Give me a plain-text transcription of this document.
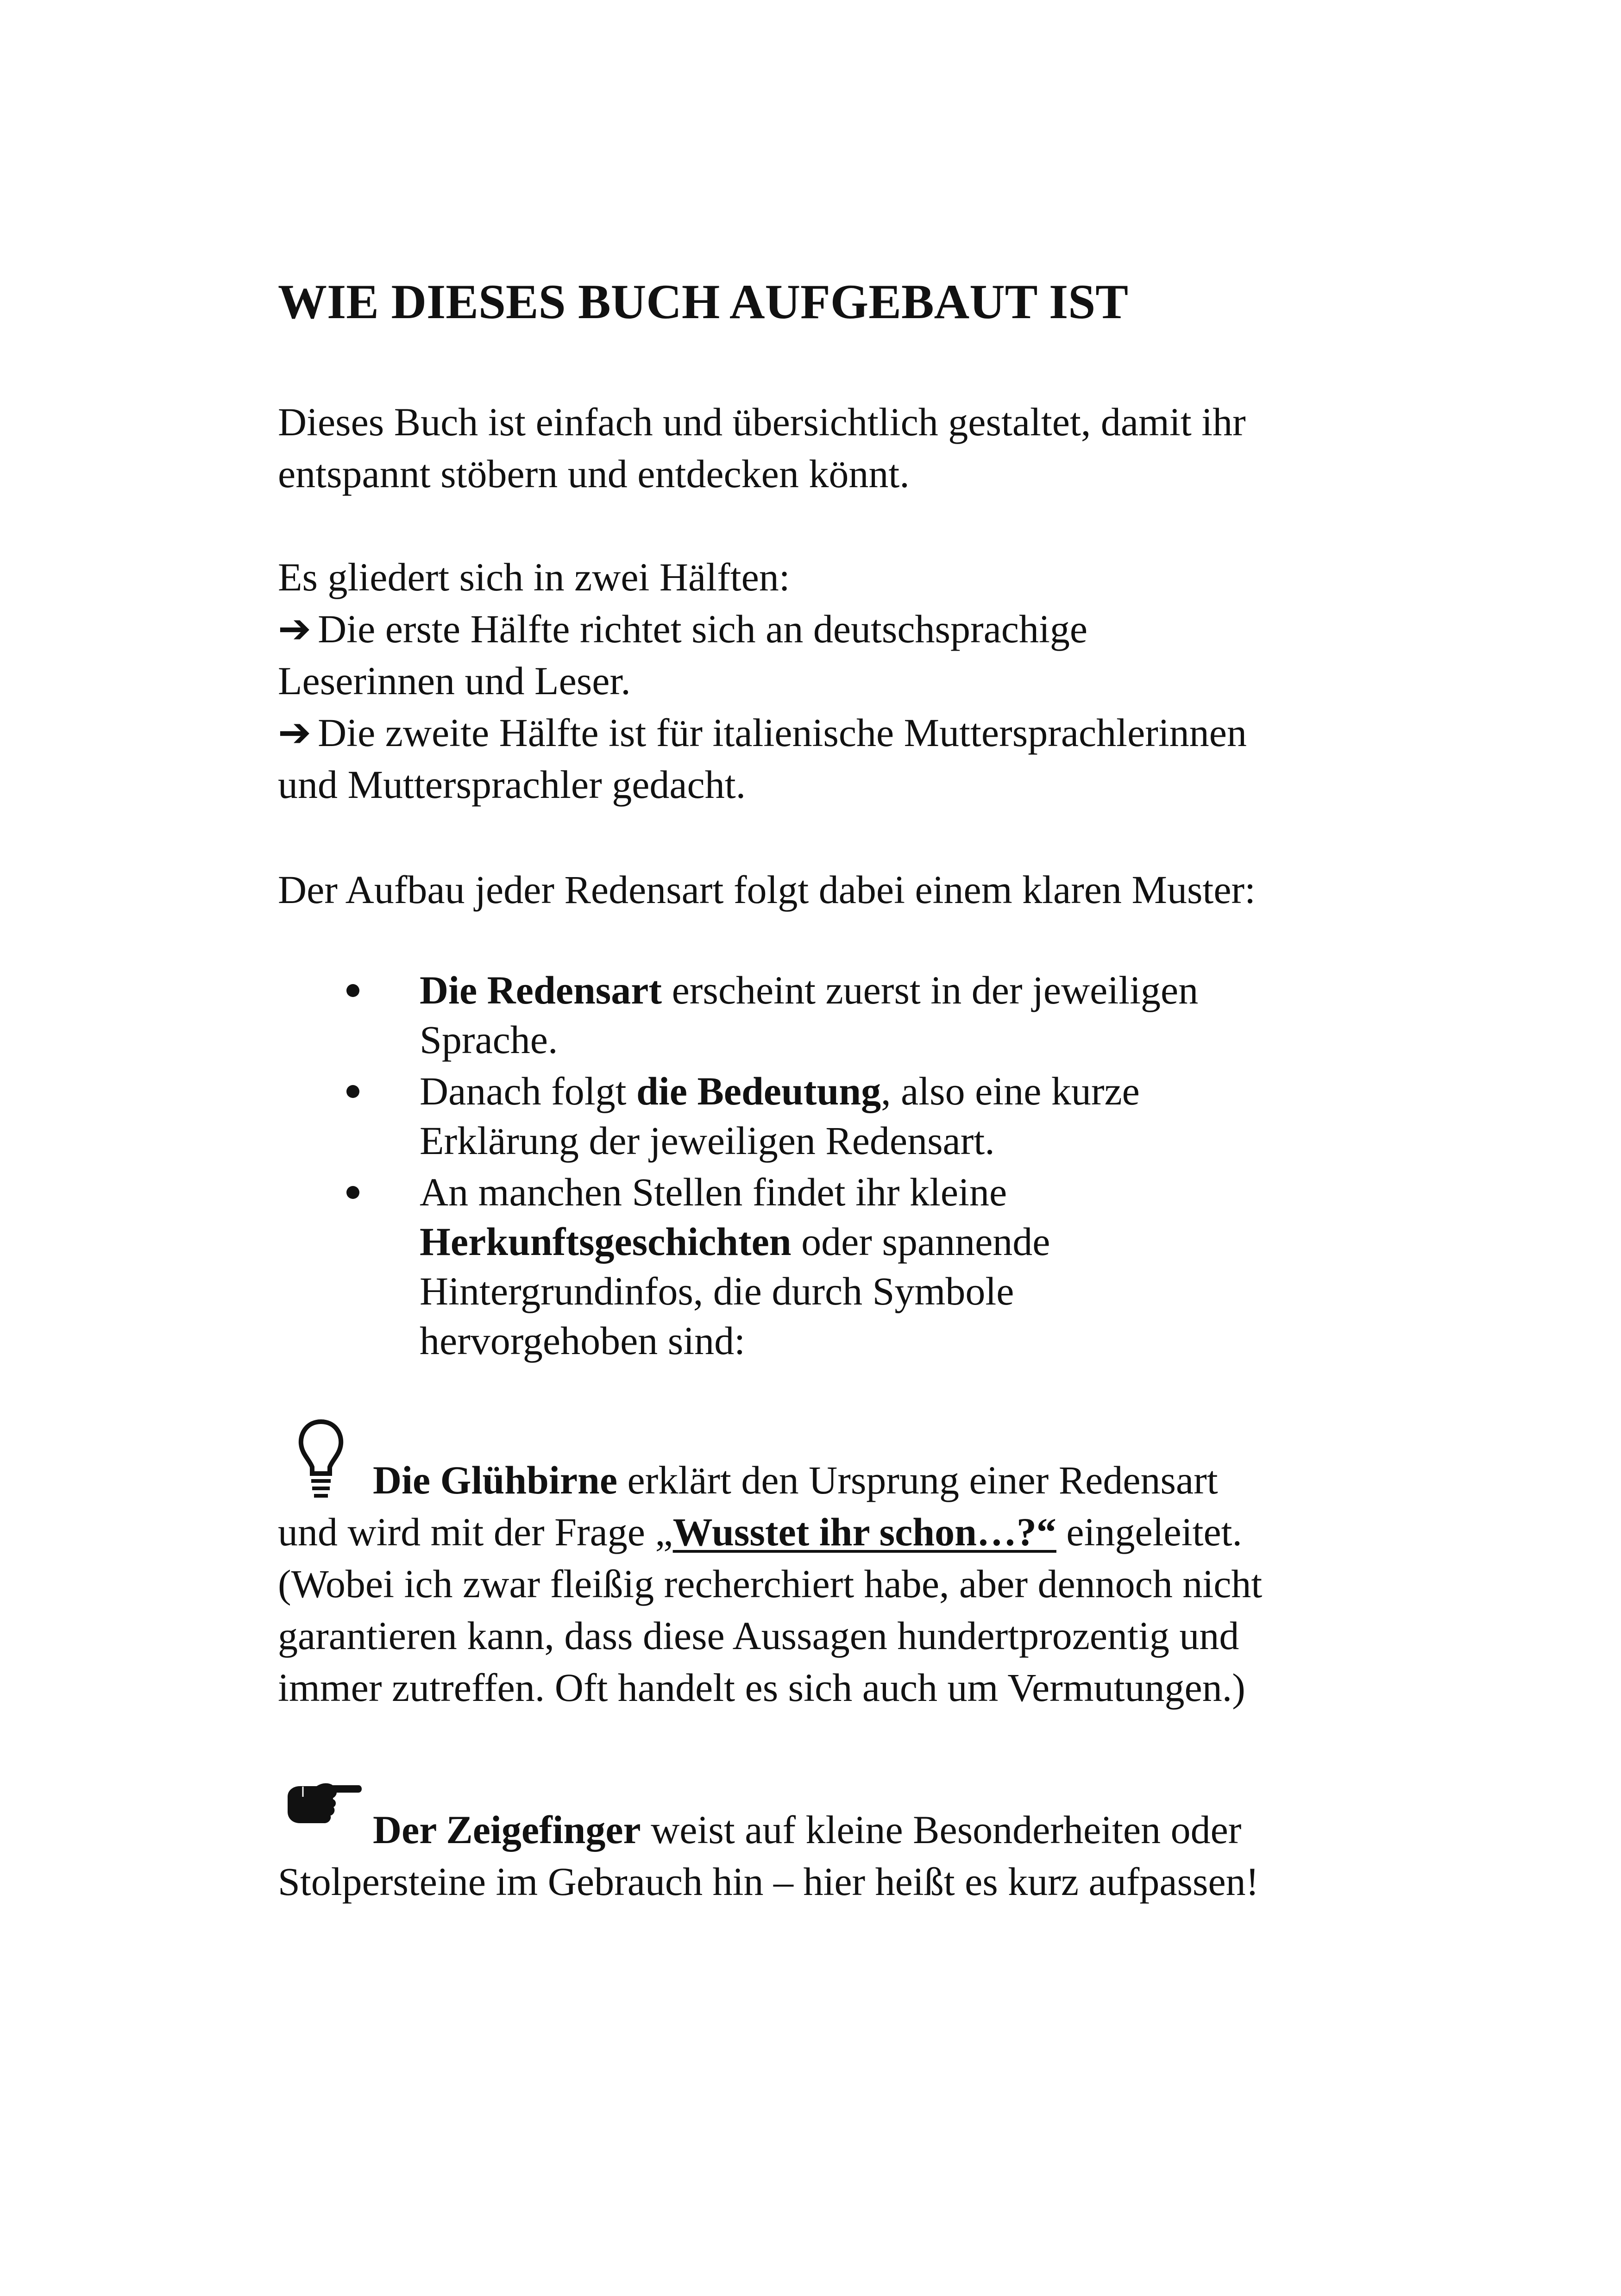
WIE DIESES BUCH AUFGEBAUT IST

Dieses Buch ist einfach und übersichtlich gestaltet, damit ihr

entspannt stöbern und entdecken könnt.

Es gliedert sich in zwei Hälften:

➔ Die erste Hälfte richtet sich an deutschsprachige

Leserinnen und Leser.

➔ Die zweite Hälfte ist für italienische Muttersprachlerinnen

und Muttersprachler gedacht.

Der Aufbau jeder Redensart folgt dabei einem klaren Muster:

Die Redensart erscheint zuerst in der jeweiligen Sprache.
Danach folgt die Bedeutung, also eine kurze Erklärung der jeweiligen Redensart.
An manchen Stellen findet ihr kleine Herkunftsgeschichten oder spannende Hintergrundinfos, die durch Symbole hervorgehoben sind:

Die Glühbirne erklärt den Ursprung einer Redensart

und wird mit der Frage „Wusstet ihr schon…?“ eingeleitet.

(Wobei ich zwar fleißig recherchiert habe, aber dennoch nicht

garantieren kann, dass diese Aussagen hundertprozentig und

immer zutreffen. Oft handelt es sich auch um Vermutungen.)

Der Zeigefinger weist auf kleine Besonderheiten oder

Stolpersteine im Gebrauch hin – hier heißt es kurz aufpassen!
